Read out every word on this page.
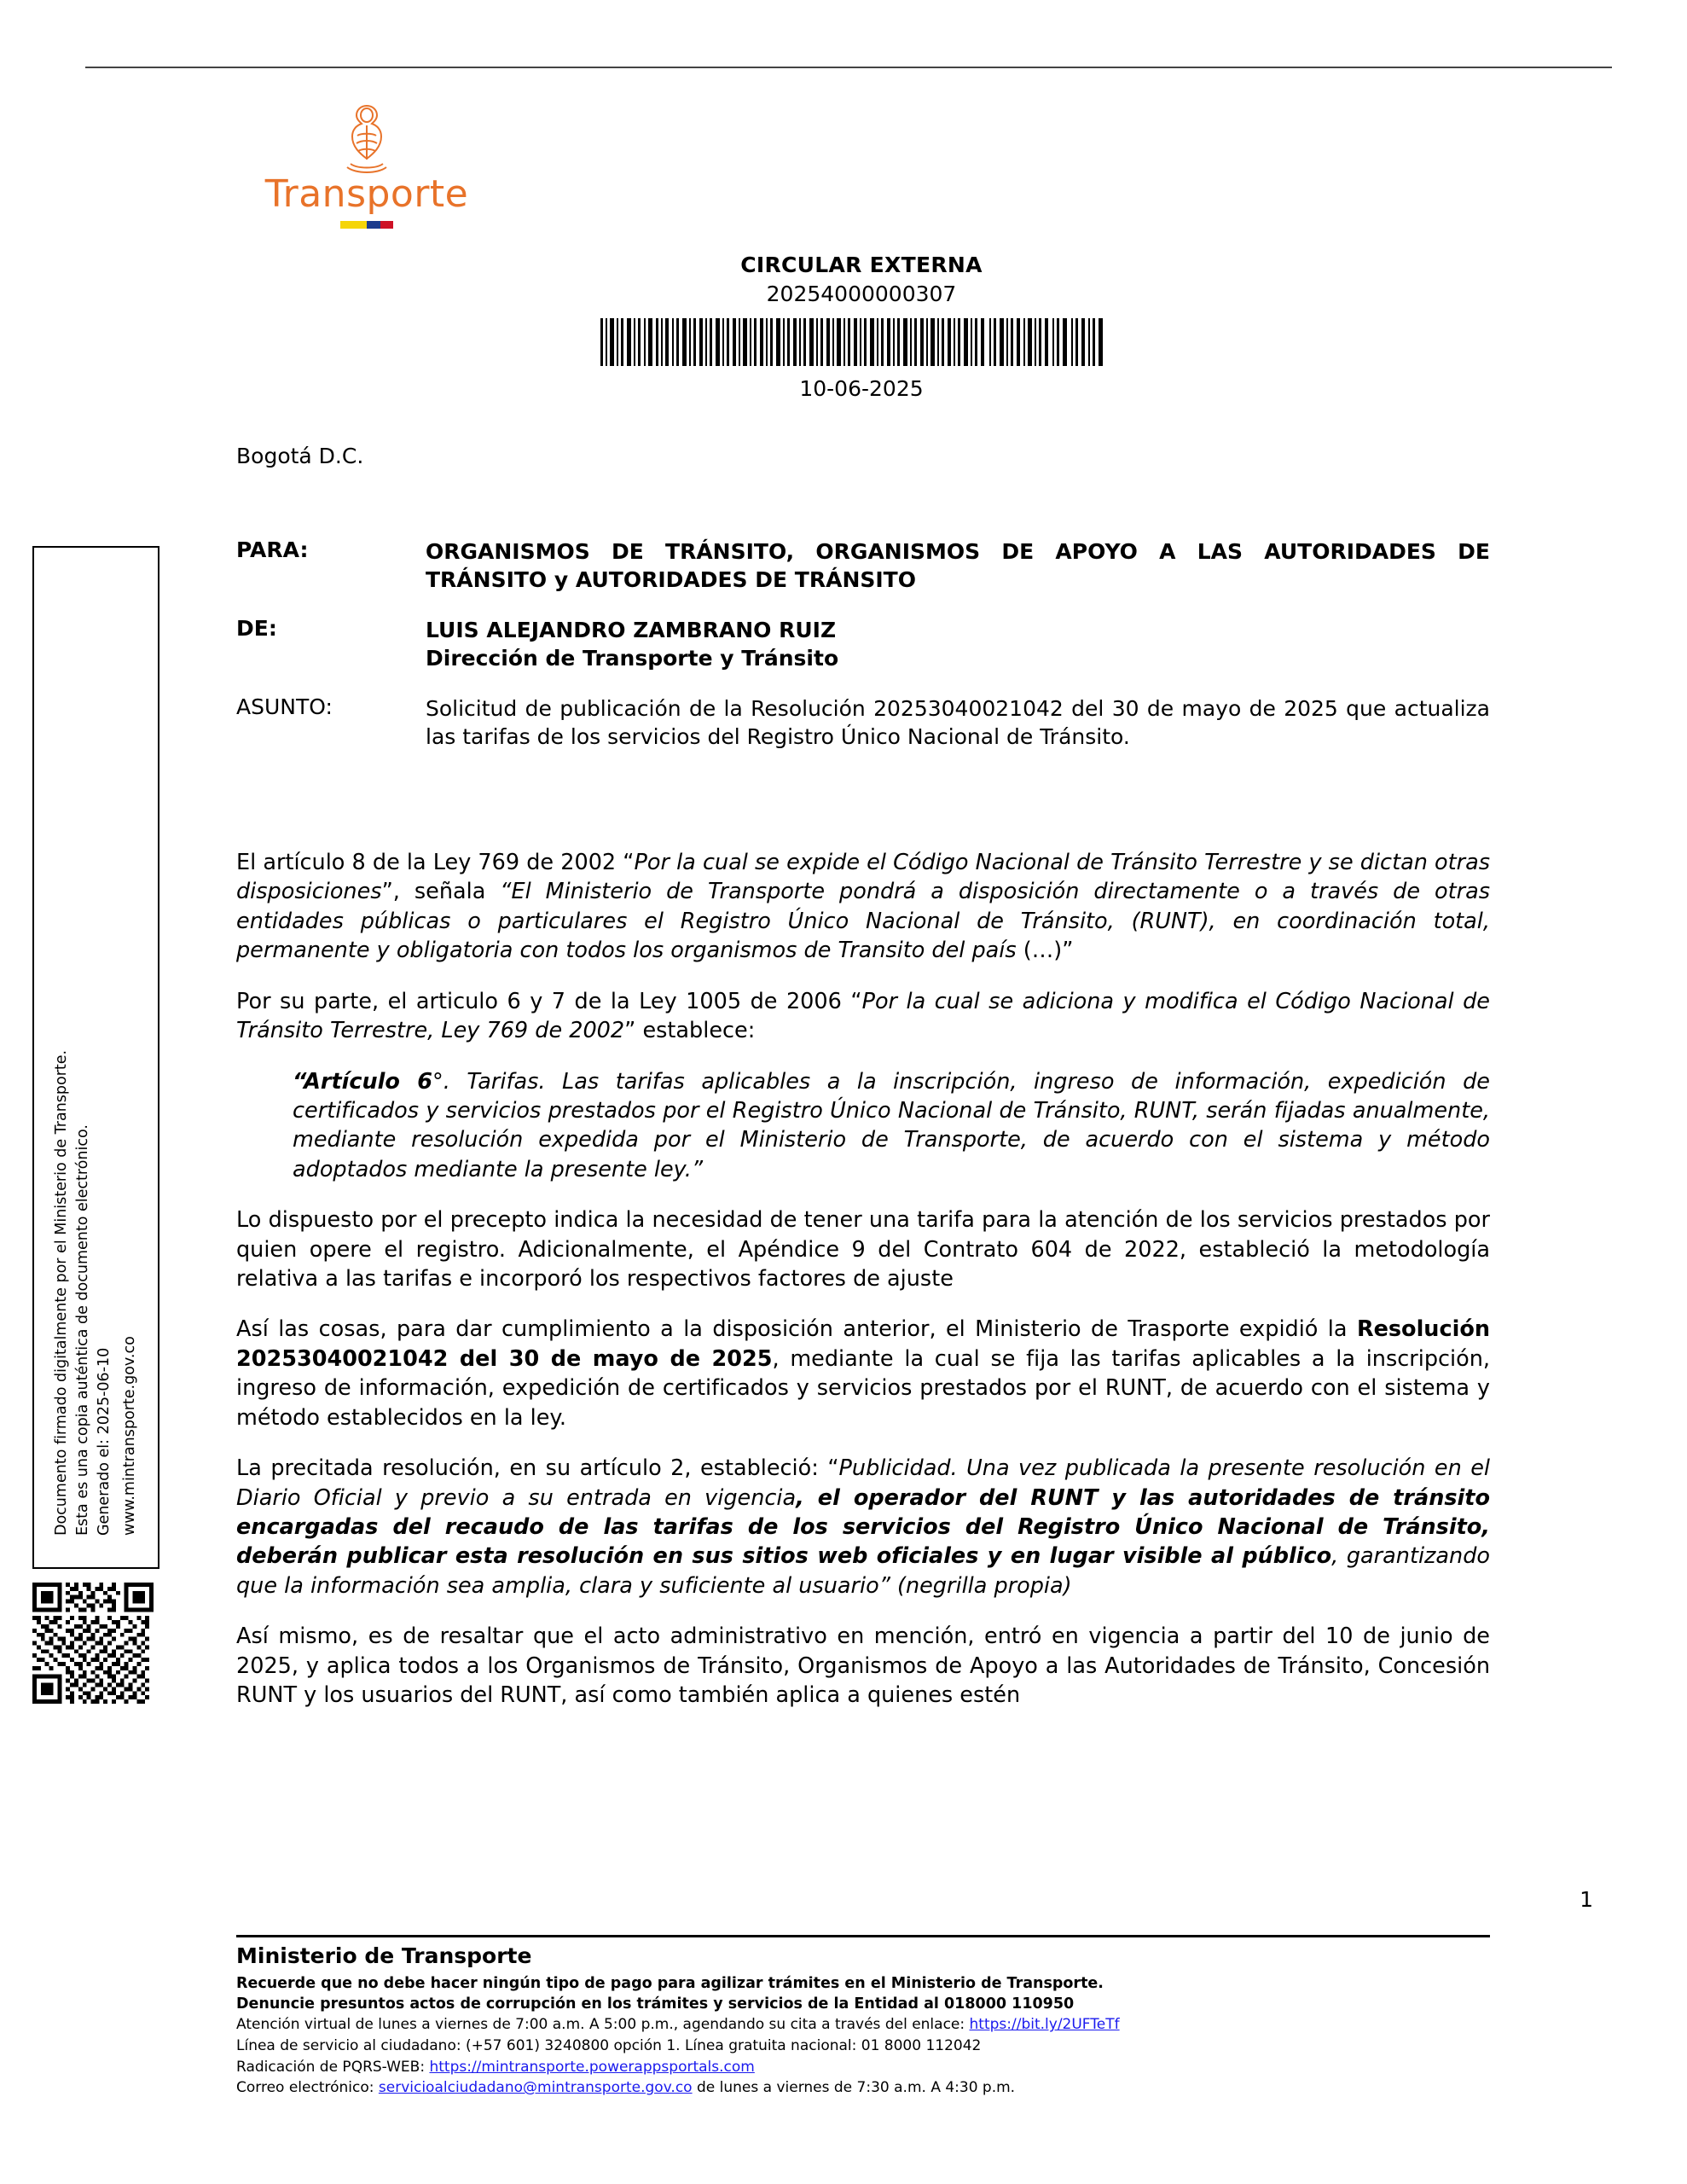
Transporte
CIRCULAR EXTERNA
20254000000307
10-06-2025
Bogotá D.C.
Documento firmado digitalmente por el Ministerio de Transporte. Esta es una copia auténtica de documento electrónico. Generado el: 2025-06-10 www.mintransporte.gov.co
PARA:	ORGANISMOS DE TRÁNSITO, ORGANISMOS DE APOYO A LAS AUTORIDADES DE TRÁNSITO y AUTORIDADES DE TRÁNSITO
DE:	LUIS ALEJANDRO ZAMBRANO RUIZ
Dirección de Transporte y Tránsito
ASUNTO:	Solicitud de publicación de la Resolución 20253040021042 del 30 de mayo de 2025 que actualiza las tarifas de los servicios del Registro Único Nacional de Tránsito.

El artículo 8 de la Ley 769 de 2002 “Por la cual se expide el Código Nacional de Tránsito Terrestre y se dictan otras disposiciones”, señala “El Ministerio de Transporte pondrá a disposición directamente o a través de otras entidades públicas o particulares el Registro Único Nacional de Tránsito, (RUNT), en coordinación total, permanente y obligatoria con todos los organismos de Transito del país (…)”

Por su parte, el articulo 6 y 7 de la Ley 1005 de 2006 “Por la cual se adiciona y modifica el Código Nacional de Tránsito Terrestre, Ley 769 de 2002” establece:

“Artículo 6°. Tarifas. Las tarifas aplicables a la inscripción, ingreso de información, expedición de certificados y servicios prestados por el Registro Único Nacional de Tránsito, RUNT, serán fijadas anualmente, mediante resolución expedida por el Ministerio de Transporte, de acuerdo con el sistema y método adoptados mediante la presente ley.”

Lo dispuesto por el precepto indica la necesidad de tener una tarifa para la atención de los servicios prestados por quien opere el registro. Adicionalmente, el Apéndice 9 del Contrato 604 de 2022, estableció la metodología relativa a las tarifas e incorporó los respectivos factores de ajuste

Así las cosas, para dar cumplimiento a la disposición anterior, el Ministerio de Trasporte expidió la Resolución 20253040021042 del 30 de mayo de 2025, mediante la cual se fija las tarifas aplicables a la inscripción, ingreso de información, expedición de certificados y servicios prestados por el RUNT, de acuerdo con el sistema y método establecidos en la ley.

La precitada resolución, en su artículo 2, estableció: “Publicidad. Una vez publicada la presente resolución en el Diario Oficial y previo a su entrada en vigencia, el operador del RUNT y las autoridades de tránsito encargadas del recaudo de las tarifas de los servicios del Registro Único Nacional de Tránsito, deberán publicar esta resolución en sus sitios web oficiales y en lugar visible al público, garantizando que la información sea amplia, clara y suficiente al usuario” (negrilla propia)

Así mismo, es de resaltar que el acto administrativo en mención, entró en vigencia a partir del 10 de junio de 2025, y aplica todos a los Organismos de Tránsito, Organismos de Apoyo a las Autoridades de Tránsito, Concesión RUNT y los usuarios del RUNT, así como también aplica a quienes estén

1
Ministerio de Transporte
Recuerde que no debe hacer ningún tipo de pago para agilizar trámites en el Ministerio de Transporte.
Denuncie presuntos actos de corrupción en los trámites y servicios de la Entidad al 018000 110950
Atención virtual de lunes a viernes de 7:00 a.m. A 5:00 p.m., agendando su cita a través del enlace: https://bit.ly/2UFTeTf
Línea de servicio al ciudadano: (+57 601) 3240800 opción 1. Línea gratuita nacional: 01 8000 112042
Radicación de PQRS-WEB: https://mintransporte.powerappsportals.com
Correo electrónico: servicioalciudadano@mintransporte.gov.co de lunes a viernes de 7:30 a.m. A 4:30 p.m.
